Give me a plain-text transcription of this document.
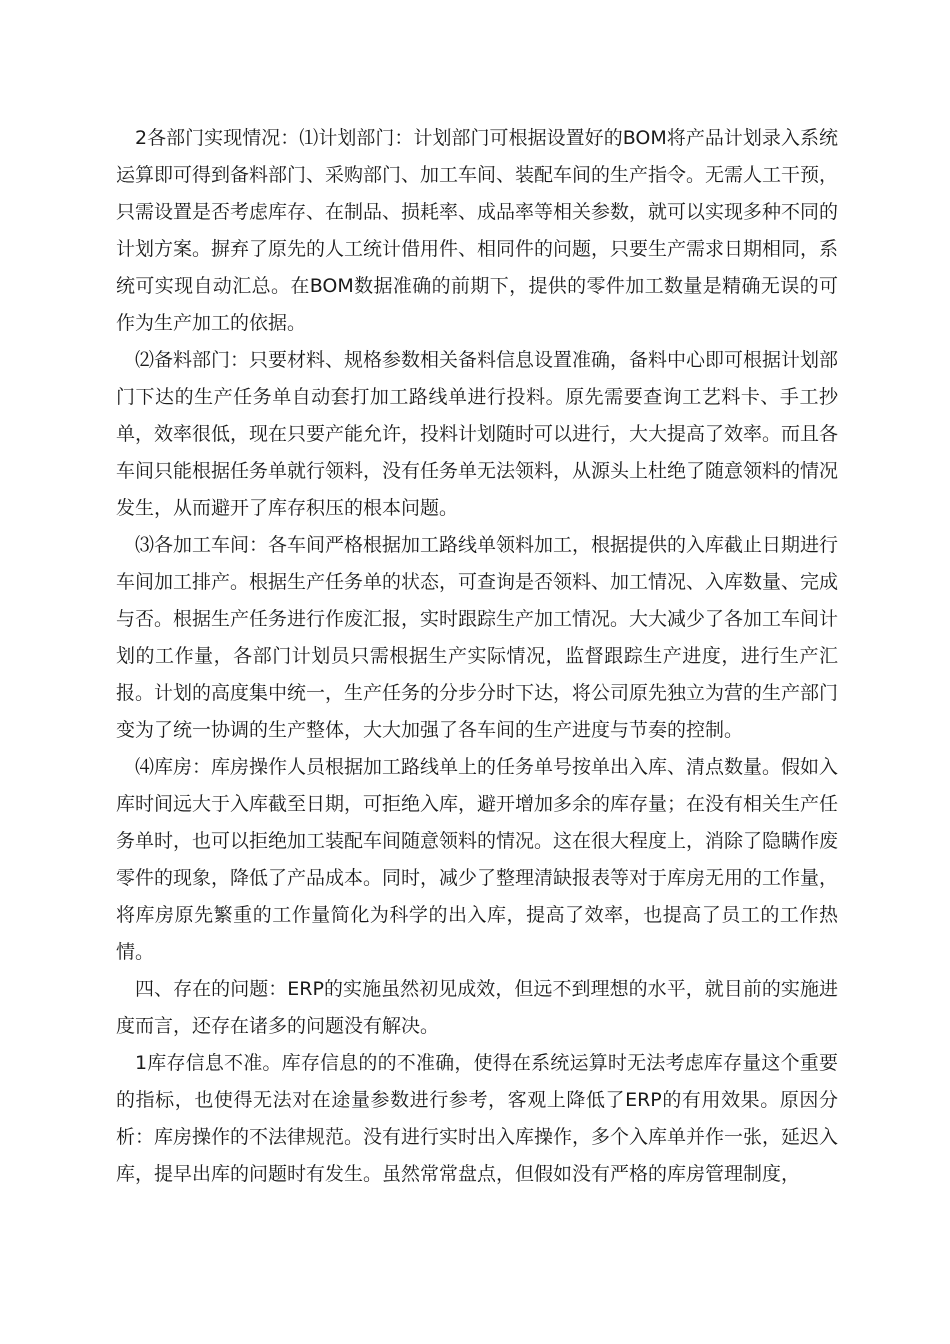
2各部门实现情况：⑴计划部门：计划部门可根据设置好的BOM将产品计划录入系统运算即可得到备料部门、采购部门、加工车间、装配车间的生产指令。无需人工干预，只需设置是否考虑库存、在制品、损耗率、成品率等相关参数，就可以实现多种不同的计划方案。摒弃了原先的人工统计借用件、相同件的问题，只要生产需求日期相同，系统可实现自动汇总。在BOM数据准确的前期下，提供的零件加工数量是精确无误的可作为生产加工的依据。

⑵备料部门：只要材料、规格参数相关备料信息设置准确，备料中心即可根据计划部门下达的生产任务单自动套打加工路线单进行投料。原先需要查询工艺料卡、手工抄单，效率很低，现在只要产能允许，投料计划随时可以进行，大大提高了效率。而且各车间只能根据任务单就行领料，没有任务单无法领料，从源头上杜绝了随意领料的情况发生，从而避开了库存积压的根本问题。

⑶各加工车间：各车间严格根据加工路线单领料加工，根据提供的入库截止日期进行车间加工排产。根据生产任务单的状态，可查询是否领料、加工情况、入库数量、完成与否。根据生产任务进行作废汇报，实时跟踪生产加工情况。大大减少了各加工车间计划的工作量，各部门计划员只需根据生产实际情况，监督跟踪生产进度，进行生产汇报。计划的高度集中统一，生产任务的分步分时下达，将公司原先独立为营的生产部门变为了统一协调的生产整体，大大加强了各车间的生产进度与节奏的控制。

⑷库房：库房操作人员根据加工路线单上的任务单号按单出入库、清点数量。假如入库时间远大于入库截至日期，可拒绝入库，避开增加多余的库存量；在没有相关生产任务单时，也可以拒绝加工装配车间随意领料的情况。这在很大程度上，消除了隐瞒作废零件的现象，降低了产品成本。同时，减少了整理清缺报表等对于库房无用的工作量，将库房原先繁重的工作量简化为科学的出入库，提高了效率，也提高了员工的工作热情。

四、存在的问题：ERP的实施虽然初见成效，但远不到理想的水平，就目前的实施进度而言，还存在诸多的问题没有解决。

1库存信息不准。库存信息的的不准确，使得在系统运算时无法考虑库存量这个重要的指标，也使得无法对在途量参数进行参考，客观上降低了ERP的有用效果。原因分析：库房操作的不法律规范。没有进行实时出入库操作，多个入库单并作一张，延迟入库，提早出库的问题时有发生。虽然常常盘点，但假如没有严格的库房管理制度，
